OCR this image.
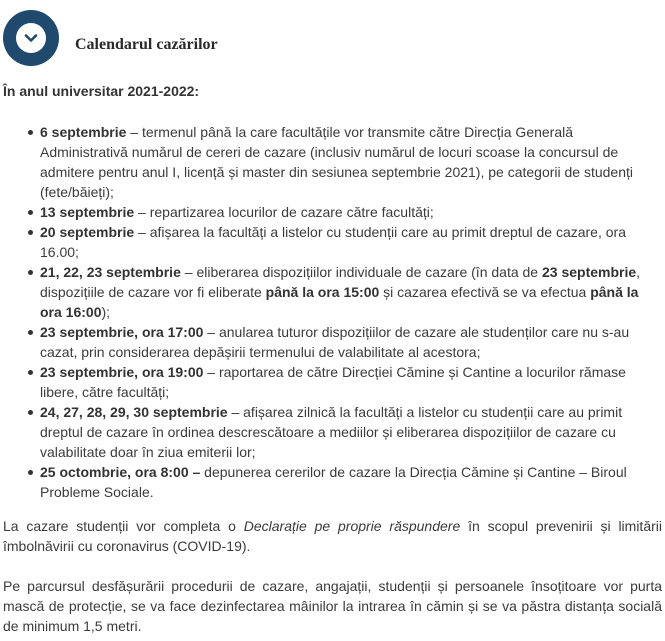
Calendarul cazărilor
În anul universitar 2021-2022:
6 septembrie – termenul până la care facultățile vor transmite către Direcția Generală Administrativă numărul de cereri de cazare (inclusiv numărul de locuri scoase la concursul de admitere pentru anul I, licență și master din sesiunea septembrie 2021), pe categorii de studenți (fete/băieți);
13 septembrie – repartizarea locurilor de cazare către facultăți;
20 septembrie – afișarea la facultăți a listelor cu studenții care au primit dreptul de cazare, ora 16.00;
21, 22, 23 septembrie – eliberarea dispozițiilor individuale de cazare (în data de 23 septembrie, dispozițiile de cazare vor fi eliberate până la ora 15:00 și cazarea efectivă se va efectua până la ora 16:00);
23 septembrie, ora 17:00 – anularea tuturor dispozițiilor de cazare ale studenților care nu s-au cazat, prin considerarea depășirii termenului de valabilitate al acestora;
23 septembrie, ora 19:00 – raportarea de către Direcției Cămine și Cantine a locurilor rămase libere, către facultăți;
24, 27, 28, 29, 30 septembrie – afișarea zilnică la facultăți a listelor cu studenții care au primit dreptul de cazare în ordinea descrescătoare a mediilor și eliberarea dispozițiilor de cazare cu valabilitate doar în ziua emiterii lor;
25 octombrie, ora 8:00 – depunerea cererilor de cazare la Direcția Cămine și Cantine – Biroul Probleme Sociale.

La cazare studenții vor completa o Declarație pe proprie răspundere în scopul prevenirii și limitării îmbolnăvirii cu coronavirus (COVID-19).

Pe parcursul desfășurării procedurii de cazare, angajații, studenții și persoanele însoțitoare vor purta mască de protecție, se va face dezinfectarea mâinilor la intrarea în cămin și se va păstra distanța socială de minimum 1,5 metri.
